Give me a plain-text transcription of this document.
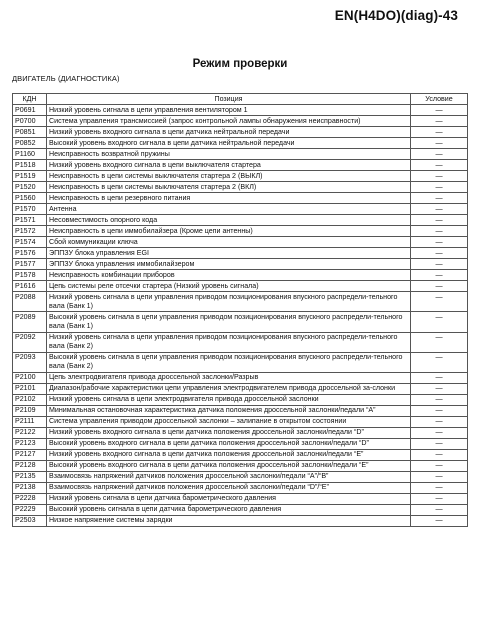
EN(H4DO)(diag)-43
Режим проверки
ДВИГАТЕЛЬ (ДИАГНОСТИКА)
КДН	Позиция	Условие
P0691	Низкий уровень сигнала в цепи управления вентилятором 1	—
P0700	Система управления трансмиссией (запрос контрольной лампы обнаружения неисправности)	—
P0851	Низкий уровень входного сигнала в цепи датчика нейтральной передачи	—
P0852	Высокий уровень входного сигнала в цепи датчика нейтральной передачи	—
P1160	Неисправность возвратной пружины	—
P1518	Низкий уровень входного сигнала в цепи выключателя стартера	—
P1519	Неисправность в цепи системы выключателя стартера 2 (ВЫКЛ)	—
P1520	Неисправность в цепи системы выключателя стартера 2 (ВКЛ)	—
P1560	Неисправность в цепи резервного питания	—
P1570	Антенна	—
P1571	Несовместимость опорного кода	—
P1572	Неисправность в цепи иммобилайзера (Кроме цепи антенны)	—
P1574	Сбой коммуникации ключа	—
P1576	ЭППЗУ блока управления EGI	—
P1577	ЭППЗУ блока управления иммобилайзером	—
P1578	Неисправность комбинации приборов	—
P1616	Цепь системы реле отсечки стартера (Низкий уровень сигнала)	—
P2088	Низкий уровень сигнала в цепи управления приводом позиционирования впускного распредели-тельного вала (Банк 1)	—
P2089	Высокий уровень сигнала в цепи управления приводом позиционирования впускного распредели-тельного вала (Банк 1)	—
P2092	Низкий уровень сигнала в цепи управления приводом позиционирования впускного распредели-тельного вала (Банк 2)	—
P2093	Высокий уровень сигнала в цепи управления приводом позиционирования впускного распредели-тельного вала (Банк 2)	—
P2100	Цепь электродвигателя привода дроссельной заслонки/Разрыв	—
P2101	Диапазон/рабочие характеристики цепи управления электродвигателем привода дроссельной за-слонки	—
P2102	Низкий уровень сигнала в цепи электродвигателя привода дроссельной заслонки	—
P2109	Минимальная остановочная характеристика датчика положения дроссельной заслонки/педали “А”	—
P2111	Система управления приводом дроссельной заслонки – залипание в открытом состоянии	—
P2122	Низкий уровень входного сигнала в цепи датчика положения дроссельной заслонки/педали “D”	—
P2123	Высокий уровень входного сигнала в цепи датчика положения дроссельной заслонки/педали “D”	—
P2127	Низкий уровень входного сигнала в цепи датчика положения дроссельной заслонки/педали “E”	—
P2128	Высокий уровень входного сигнала в цепи датчика положения дроссельной заслонки/педали “E”	—
P2135	Взаимосвязь напряжений датчиков положения дроссельной заслонки/педали “А”/“В”	—
P2138	Взаимосвязь напряжений датчиков положения дроссельной заслонки/педали “D”/“E”	—
P2228	Низкий уровень сигнала в цепи датчика барометрического давления	—
P2229	Высокий уровень сигнала в цепи датчика барометрического давления	—
P2503	Низкое напряжение системы зарядки	—
